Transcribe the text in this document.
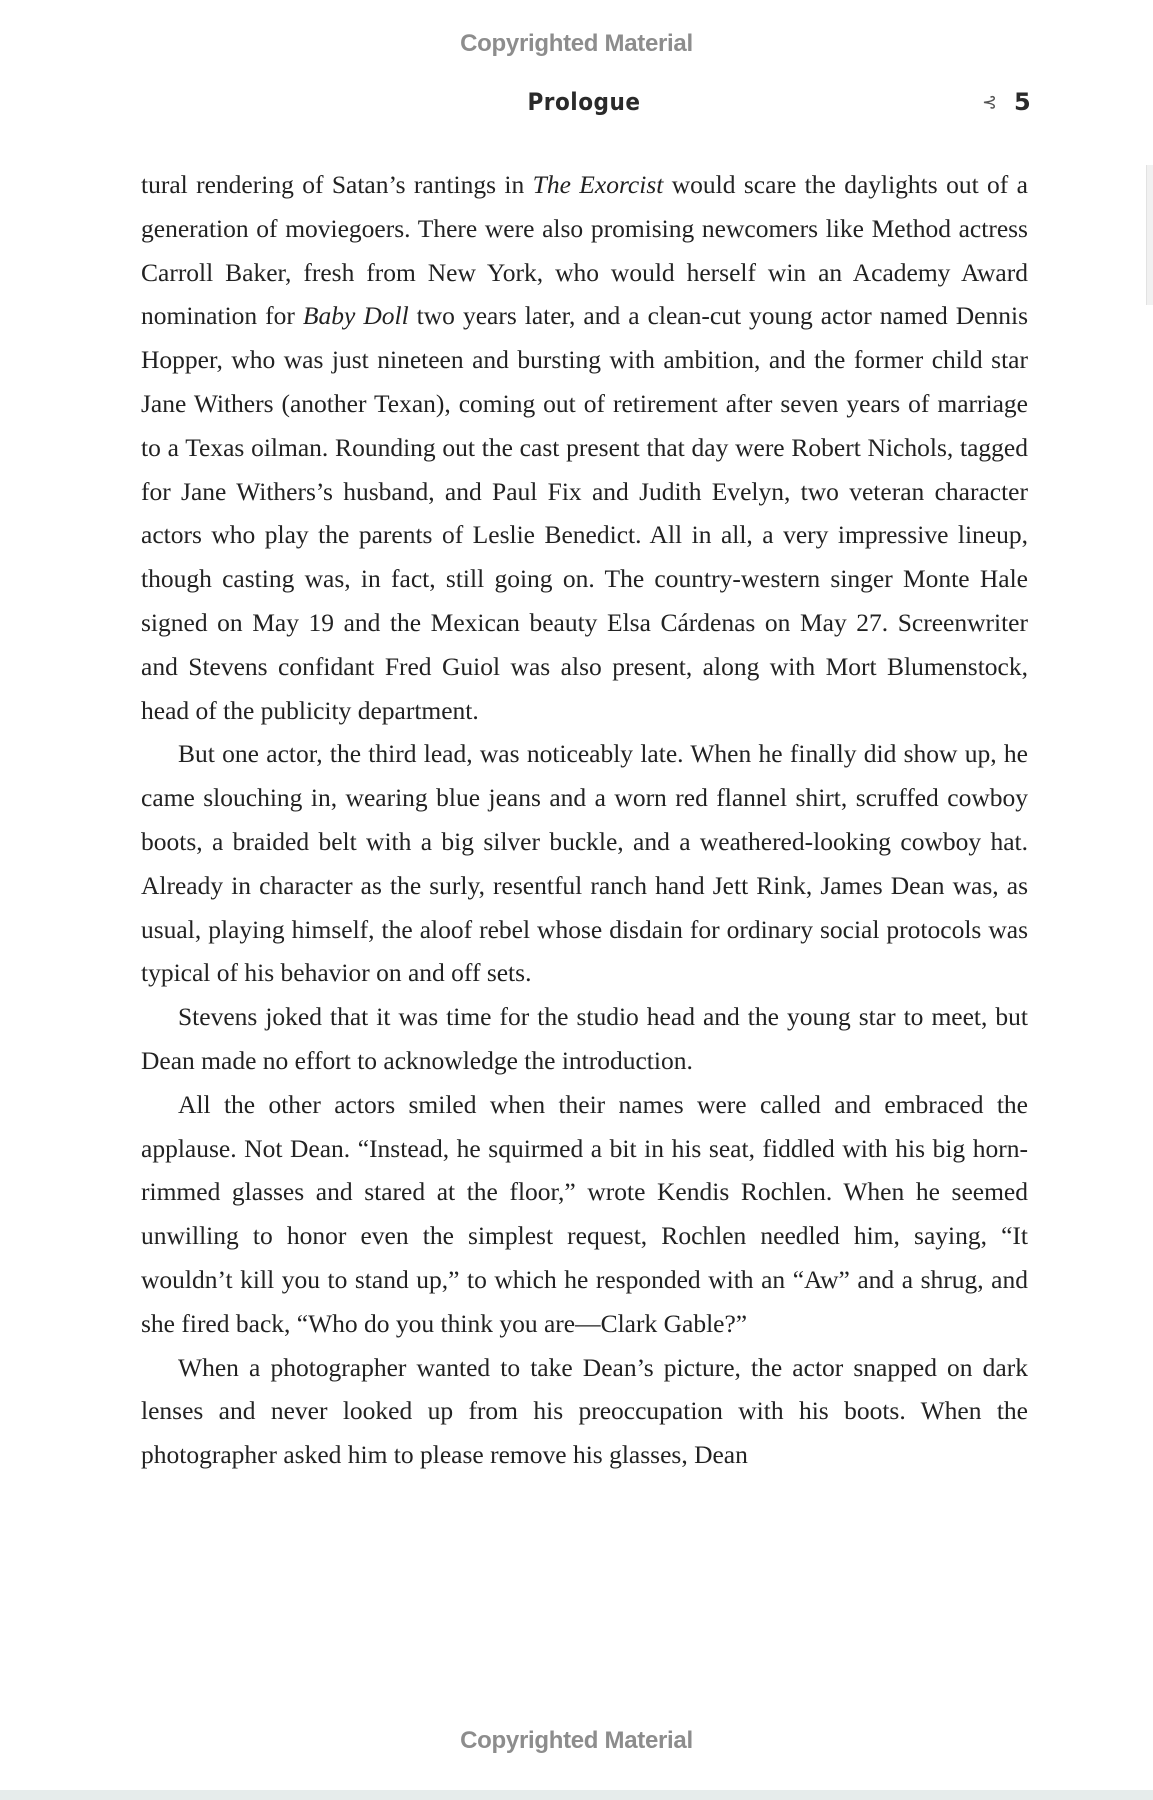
Copyrighted Material
Prologue	⊰ 5

tural rendering of Satan’s rantings in The Exorcist would scare the daylights out of a generation of moviegoers. There were also promising newcomers like Method actress Carroll Baker, fresh from New York, who would herself win an Academy Award nomination for Baby Doll two years later, and a clean-cut young actor named Dennis Hopper, who was just nineteen and bursting with ambition, and the former child star Jane Withers (another Texan), coming out of retirement after seven years of marriage to a Texas oilman. Rounding out the cast present that day were Robert Nichols, tagged for Jane Withers’s husband, and Paul Fix and Judith Evelyn, two veteran character actors who play the parents of Leslie Benedict. All in all, a very impressive lineup, though casting was, in fact, still going on. The country-western singer Monte Hale signed on May 19 and the Mexican beauty Elsa Cárdenas on May 27. Screenwriter and Stevens confidant Fred Guiol was also present, along with Mort Blumenstock, head of the publicity department.

But one actor, the third lead, was noticeably late. When he finally did show up, he came slouching in, wearing blue jeans and a worn red flannel shirt, scruffed cowboy boots, a braided belt with a big silver buckle, and a weathered-looking cowboy hat. Already in character as the surly, resentful ranch hand Jett Rink, James Dean was, as usual, playing himself, the aloof rebel whose disdain for ordinary social protocols was typical of his behavior on and off sets.

Stevens joked that it was time for the studio head and the young star to meet, but Dean made no effort to acknowledge the introduction.

All the other actors smiled when their names were called and embraced the applause. Not Dean. “Instead, he squirmed a bit in his seat, fiddled with his big horn-rimmed glasses and stared at the floor,” wrote Kendis Rochlen. When he seemed unwilling to honor even the simplest request, Rochlen needled him, saying, “It wouldn’t kill you to stand up,” to which he responded with an “Aw” and a shrug, and she fired back, “Who do you think you are—Clark Gable?”

When a photographer wanted to take Dean’s picture, the actor snapped on dark lenses and never looked up from his preoccupation with his boots. When the photographer asked him to please remove his glasses, Dean

Copyrighted Material
